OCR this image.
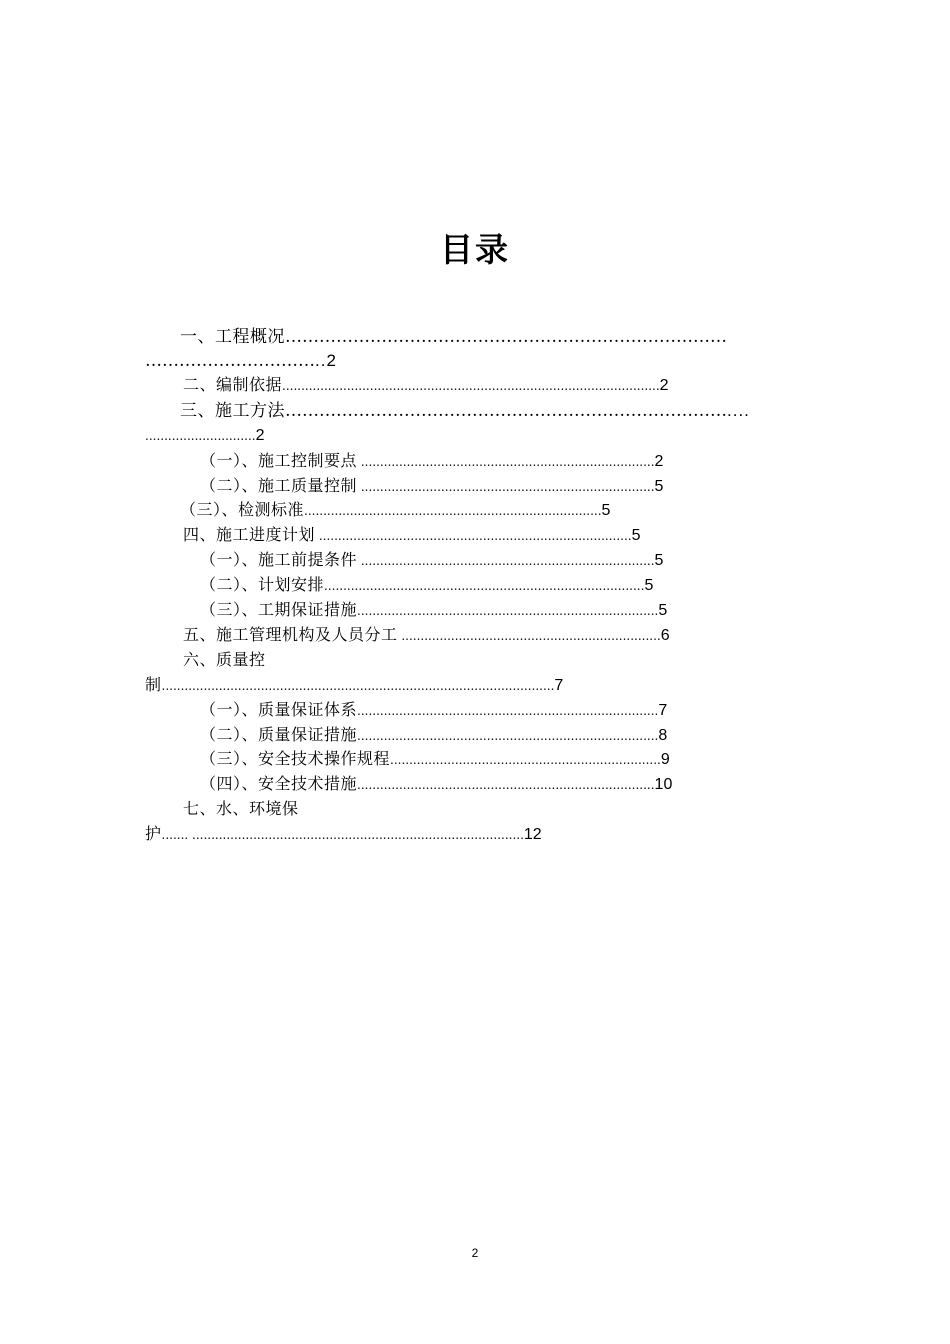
目录
一、工程概况……………………………………………………………………
…………………………..2
二、编制依据...................................................................................................2
三、施工方法……………………………………………………………………....
.............................2
（一）、施工控制要点 .............................................................................2
（二）、施工质量控制 .............................................................................5
（三）、检测标准..............................................................................5
四、施工进度计划 ..................................................................................5
（一）、施工前提条件 .............................................................................5
（二）、计划安排....................................................................................5
（三）、工期保证措施...............................................................................5
五、施工管理机构及人员分工 ....................................................................6
六、质量控
制.......................................................................................................7
（一）、质量保证体系...............................................................................7
（二）、质量保证措施...............................................................................8
（三）、安全技术操作规程.......................................................................9
（四）、安全技术措施..............................................................................10
七、水、环境保
护....... .......................................................................................12
2
